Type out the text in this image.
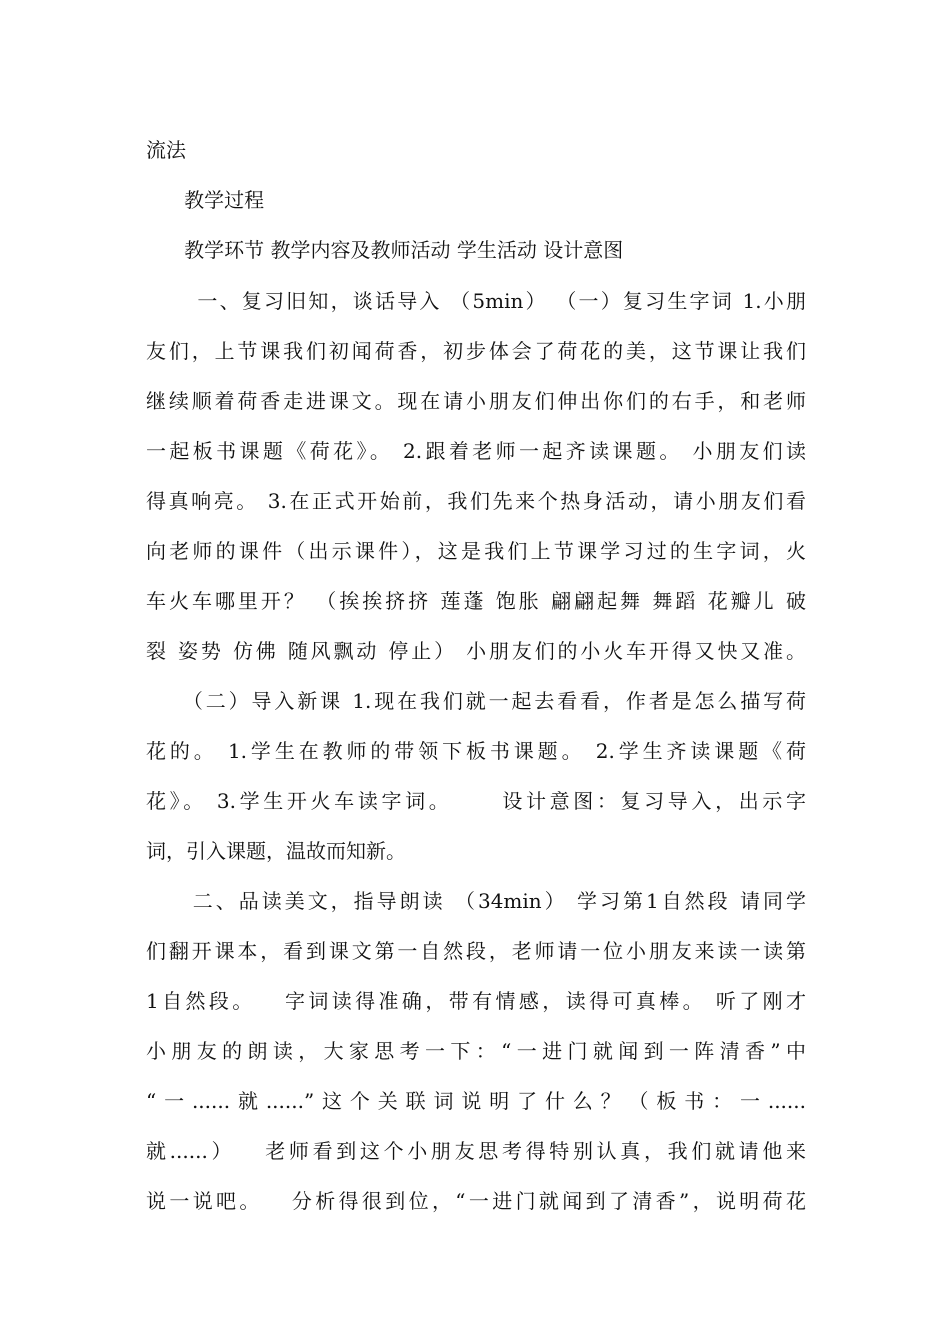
流法
教学过程
教学环节 教学内容及教师活动 学生活动 设计意图
一、复习旧知，谈话导入 （5min） （一）复习生字词 1.小朋
友们，上节课我们初闻荷香，初步体会了荷花的美，这节课让我们
继续顺着荷香走进课文。现在请小朋友们伸出你们的右手，和老师
一起板书课题《荷花》。 2.跟着老师一起齐读课题。 小朋友们读
得真响亮。 3.在正式开始前，我们先来个热身活动，请小朋友们看
向老师的课件（出示课件），这是我们上节课学习过的生字词，火
车火车哪里开？ （挨挨挤挤 莲蓬 饱胀 翩翩起舞 舞蹈 花瓣儿 破
裂 姿势 仿佛 随风飘动 停止） 小朋友们的小火车开得又快又准。
（二）导入新课 1.现在我们就一起去看看，作者是怎么描写荷
花的。 1.学生在教师的带领下板书课题。 2.学生齐读课题《荷
花》。 3.学生开火车读字词。     设计意图：复习导入，出示字
词，引入课题，温故而知新。
二、品读美文，指导朗读 （34min） 学习第1自然段 请同学
们翻开课本，看到课文第一自然段，老师请一位小朋友来读一读第
1自然段。   字词读得准确，带有情感，读得可真棒。 听了刚才
小朋友的朗读，大家思考一下：“一进门就闻到一阵清香”中
“一......就......”这个关联词说明了什么？（板书：一......
就......）   老师看到这个小朋友思考得特别认真，我们就请他来
说一说吧。   分析得很到位，“一进门就闻到了清香”，说明荷花
